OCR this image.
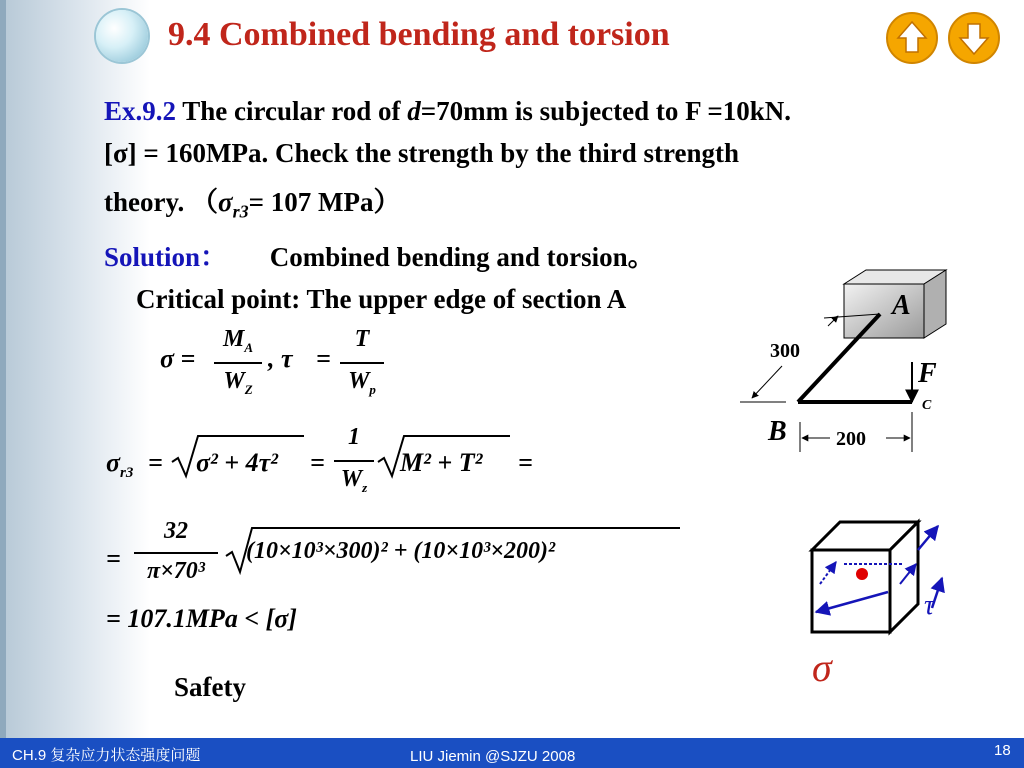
9.4 Combined bending and torsion
Ex.9.2 The circular rod of d=70mm is subjected to F =10kN.
[σ] = 160MPa. Check the strength by the third strength
theory. （$\sigma_{r3}= 107$ MPa）
Solution： Combined bending and torsion。
Critical point: The upper edge of section A
σ =
$M_A$
$W_Z$
, τ =
T
$W_p$
$\sigma_{r3} = \sigma^2 + 4\tau^2$ =
1
$W_z$
M² + T² =
=
32
π×70³
(10×10³×300)² + (10×10³×200)²
= 107.1MPa < [σ]
Safety
A
B
F
C
300
200
τ
σ
CH.9 复杂应力状态强度问题	LIU Jiemin @SJZU 2008	18
